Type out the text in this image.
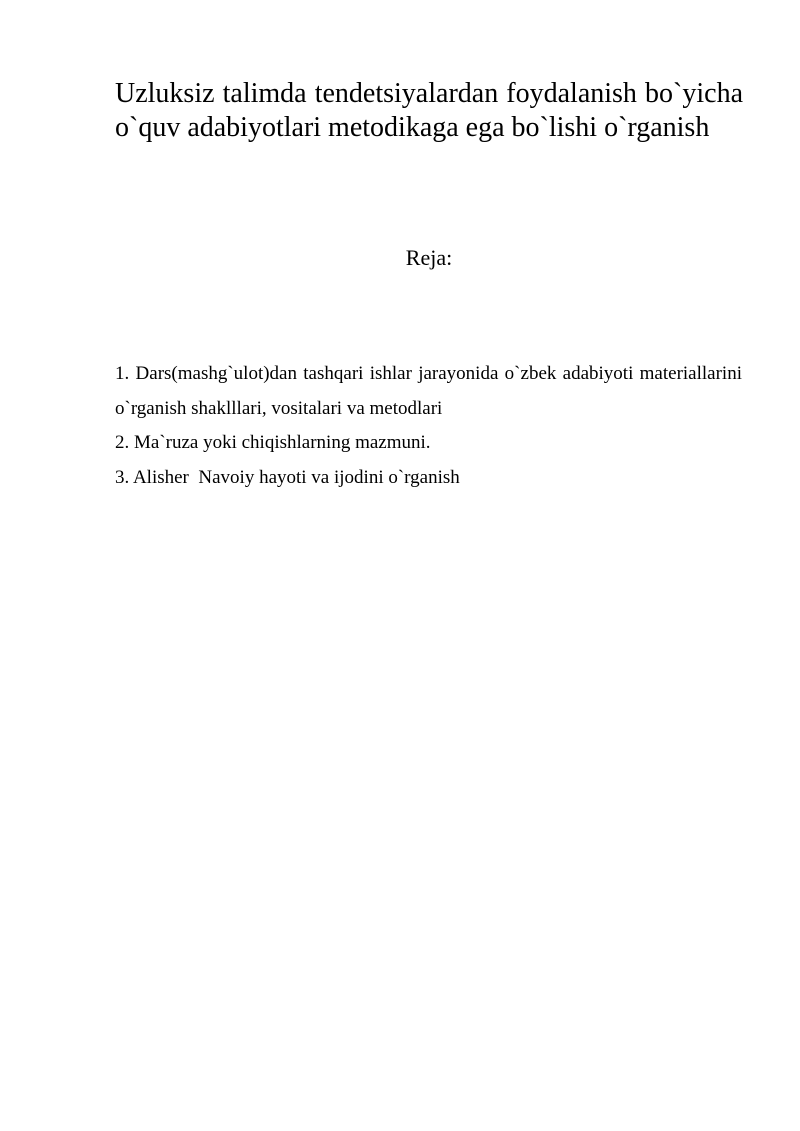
Uzluksiz talimda tendetsiyalardan foydalanish bo`yicha o`quv adabiyotlari metodikaga ega bo`lishi o`rganish
Reja:
1. Dars(mashg`ulot)dan tashqari ishlar jarayonida o`zbek adabiyoti materiallarini o`rganish shaklllari, vositalari va metodlari
2. Ma`ruza yoki chiqishlarning mazmuni.
3. Alisher  Navoiy hayoti va ijodini o`rganish
